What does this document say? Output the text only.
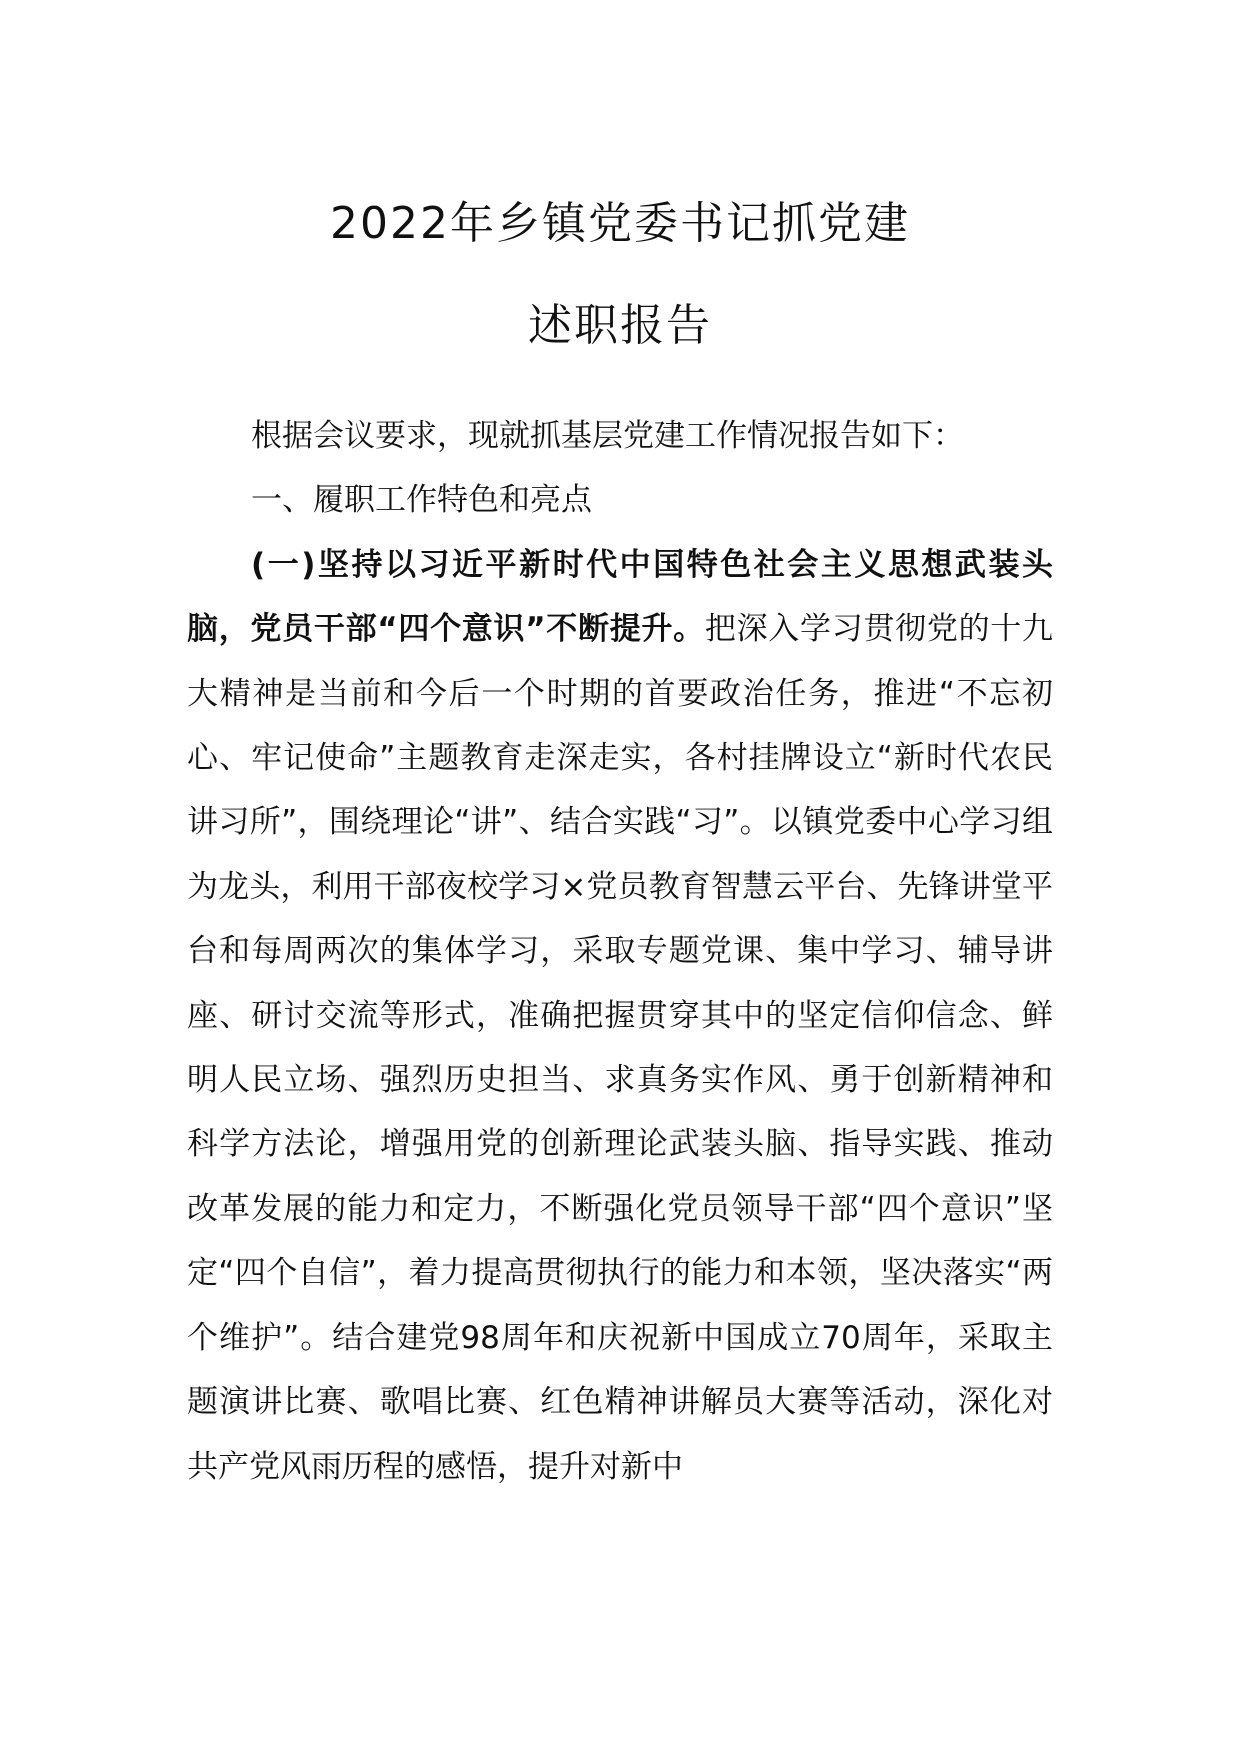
2022年乡镇党委书记抓党建
述职报告

根据会议要求，现就抓基层党建工作情况报告如下：

一、履职工作特色和亮点

(一)坚持以习近平新时代中国特色社会主义思想武装头脑，党员干部“四个意识”不断提升。把深入学习贯彻党的十九大精神是当前和今后一个时期的首要政治任务，推进“不忘初心、牢记使命”主题教育走深走实，各村挂牌设立“新时代农民讲习所”，围绕理论“讲”、结合实践“习”。以镇党委中心学习组为龙头，利用干部夜校学习×党员教育智慧云平台、先锋讲堂平台和每周两次的集体学习，采取专题党课、集中学习、辅导讲座、研讨交流等形式，准确把握贯穿其中的坚定信仰信念、鲜明人民立场、强烈历史担当、求真务实作风、勇于创新精神和科学方法论，增强用党的创新理论武装头脑、指导实践、推动改革发展的能力和定力，不断强化党员领导干部“四个意识”坚定“四个自信”，着力提高贯彻执行的能力和本领，坚决落实“两个维护”。结合建党98周年和庆祝新中国成立70周年，采取主题演讲比赛、歌唱比赛、红色精神讲解员大赛等活动，深化对共产党风雨历程的感悟，提升对新中
